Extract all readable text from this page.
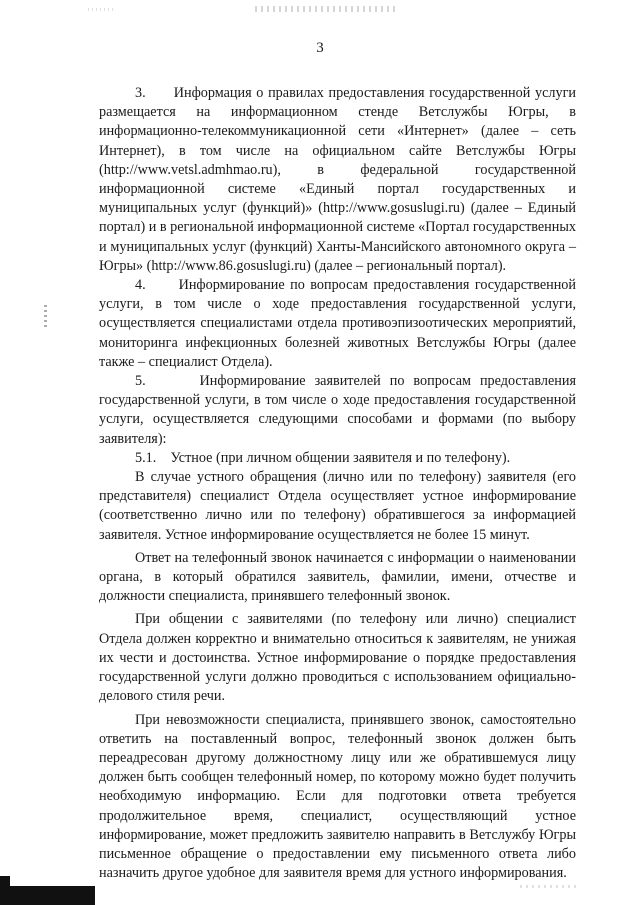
3

3.      Информация о правилах предоставления государственной услуги размещается на информационном стенде Ветслужбы Югры, в информационно-телекоммуникационной сети «Интернет» (далее – сеть Интернет), в том числе на официальном сайте Ветслужбы Югры (http://www.vetsl.admhmao.ru), в федеральной государственной информационной системе «Единый портал государственных и муниципальных услуг (функций)» (http://www.gosuslugi.ru) (далее – Единый портал) и в региональной информационной системе «Портал государственных и муниципальных услуг (функций) Ханты-Мансийского автономного округа – Югры» (http://www.86.gosuslugi.ru) (далее – региональный портал).

4.      Информирование по вопросам предоставления государственной услуги, в том числе о ходе предоставления государственной услуги, осуществляется специалистами отдела противоэпизоотических мероприятий, мониторинга инфекционных болезней животных Ветслужбы Югры (далее также – специалист Отдела).

5.      Информирование заявителей по вопросам предоставления государственной услуги, в том числе о ходе предоставления государственной услуги, осуществляется следующими способами и формами (по выбору заявителя):

5.1.    Устное (при личном общении заявителя и по телефону).

В случае устного обращения (лично или по телефону) заявителя (его представителя) специалист Отдела осуществляет устное информирование (соответственно лично или по телефону) обратившегося за информацией заявителя. Устное информирование осуществляется не более 15 минут.

Ответ на телефонный звонок начинается с информации о наименовании органа, в который обратился заявитель, фамилии, имени, отчестве и должности специалиста, принявшего телефонный звонок.

При общении с заявителями (по телефону или лично) специалист Отдела должен корректно и внимательно относиться к заявителям, не унижая их чести и достоинства. Устное информирование о порядке предоставления государственной услуги должно проводиться с использованием официально-делового стиля речи.

При невозможности специалиста, принявшего звонок, самостоятельно ответить на поставленный вопрос, телефонный звонок должен быть переадресован другому должностному лицу или же обратившемуся лицу должен быть сообщен телефонный номер, по которому можно будет получить необходимую информацию. Если для подготовки ответа требуется продолжительное время, специалист, осуществляющий устное информирование, может предложить заявителю направить в Ветслужбу Югры письменное обращение о предоставлении ему письменного ответа либо назначить другое удобное для заявителя время для устного информирования.
